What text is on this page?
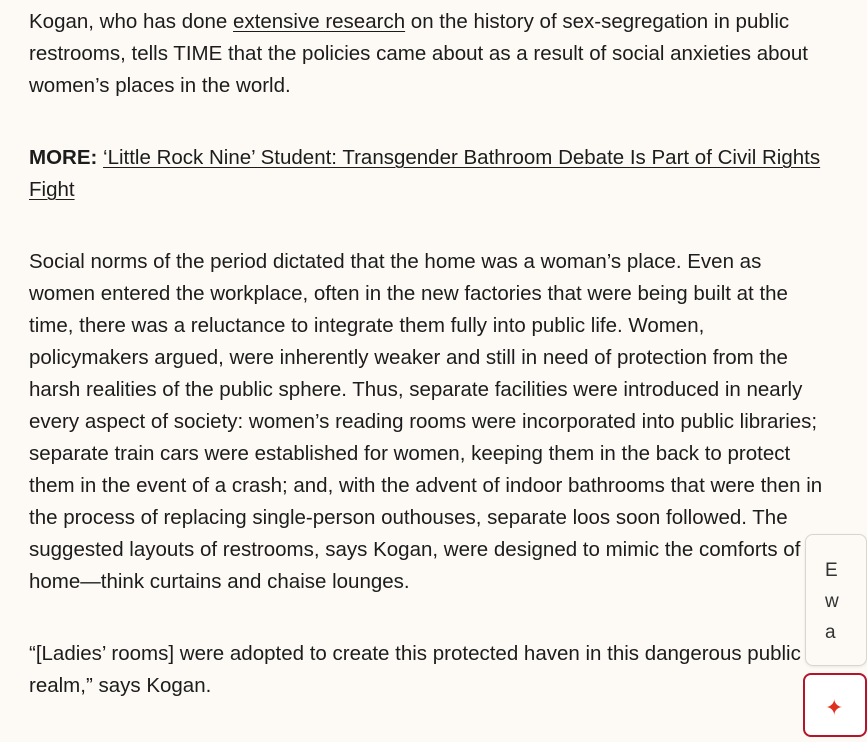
Kogan, who has done extensive research on the history of sex-segregation in public restrooms, tells TIME that the policies came about as a result of social anxieties about women’s places in the world.

MORE: ‘Little Rock Nine’ Student: Transgender Bathroom Debate Is Part of Civil Rights Fight

Social norms of the period dictated that the home was a woman’s place. Even as women entered the workplace, often in the new factories that were being built at the time, there was a reluctance to integrate them fully into public life. Women, policymakers argued, were inherently weaker and still in need of protection from the harsh realities of the public sphere. Thus, separate facilities were introduced in nearly every aspect of society: women’s reading rooms were incorporated into public libraries; separate train cars were established for women, keeping them in the back to protect them in the event of a crash; and, with the advent of indoor bathrooms that were then in the process of replacing single-person outhouses, separate loos soon followed. The suggested layouts of restrooms, says Kogan, were designed to mimic the comforts of home—think curtains and chaise lounges.

“[Ladies’ rooms] were adopted to create this protected haven in this dangerous public realm,” says Kogan.

E
w
a
✦
